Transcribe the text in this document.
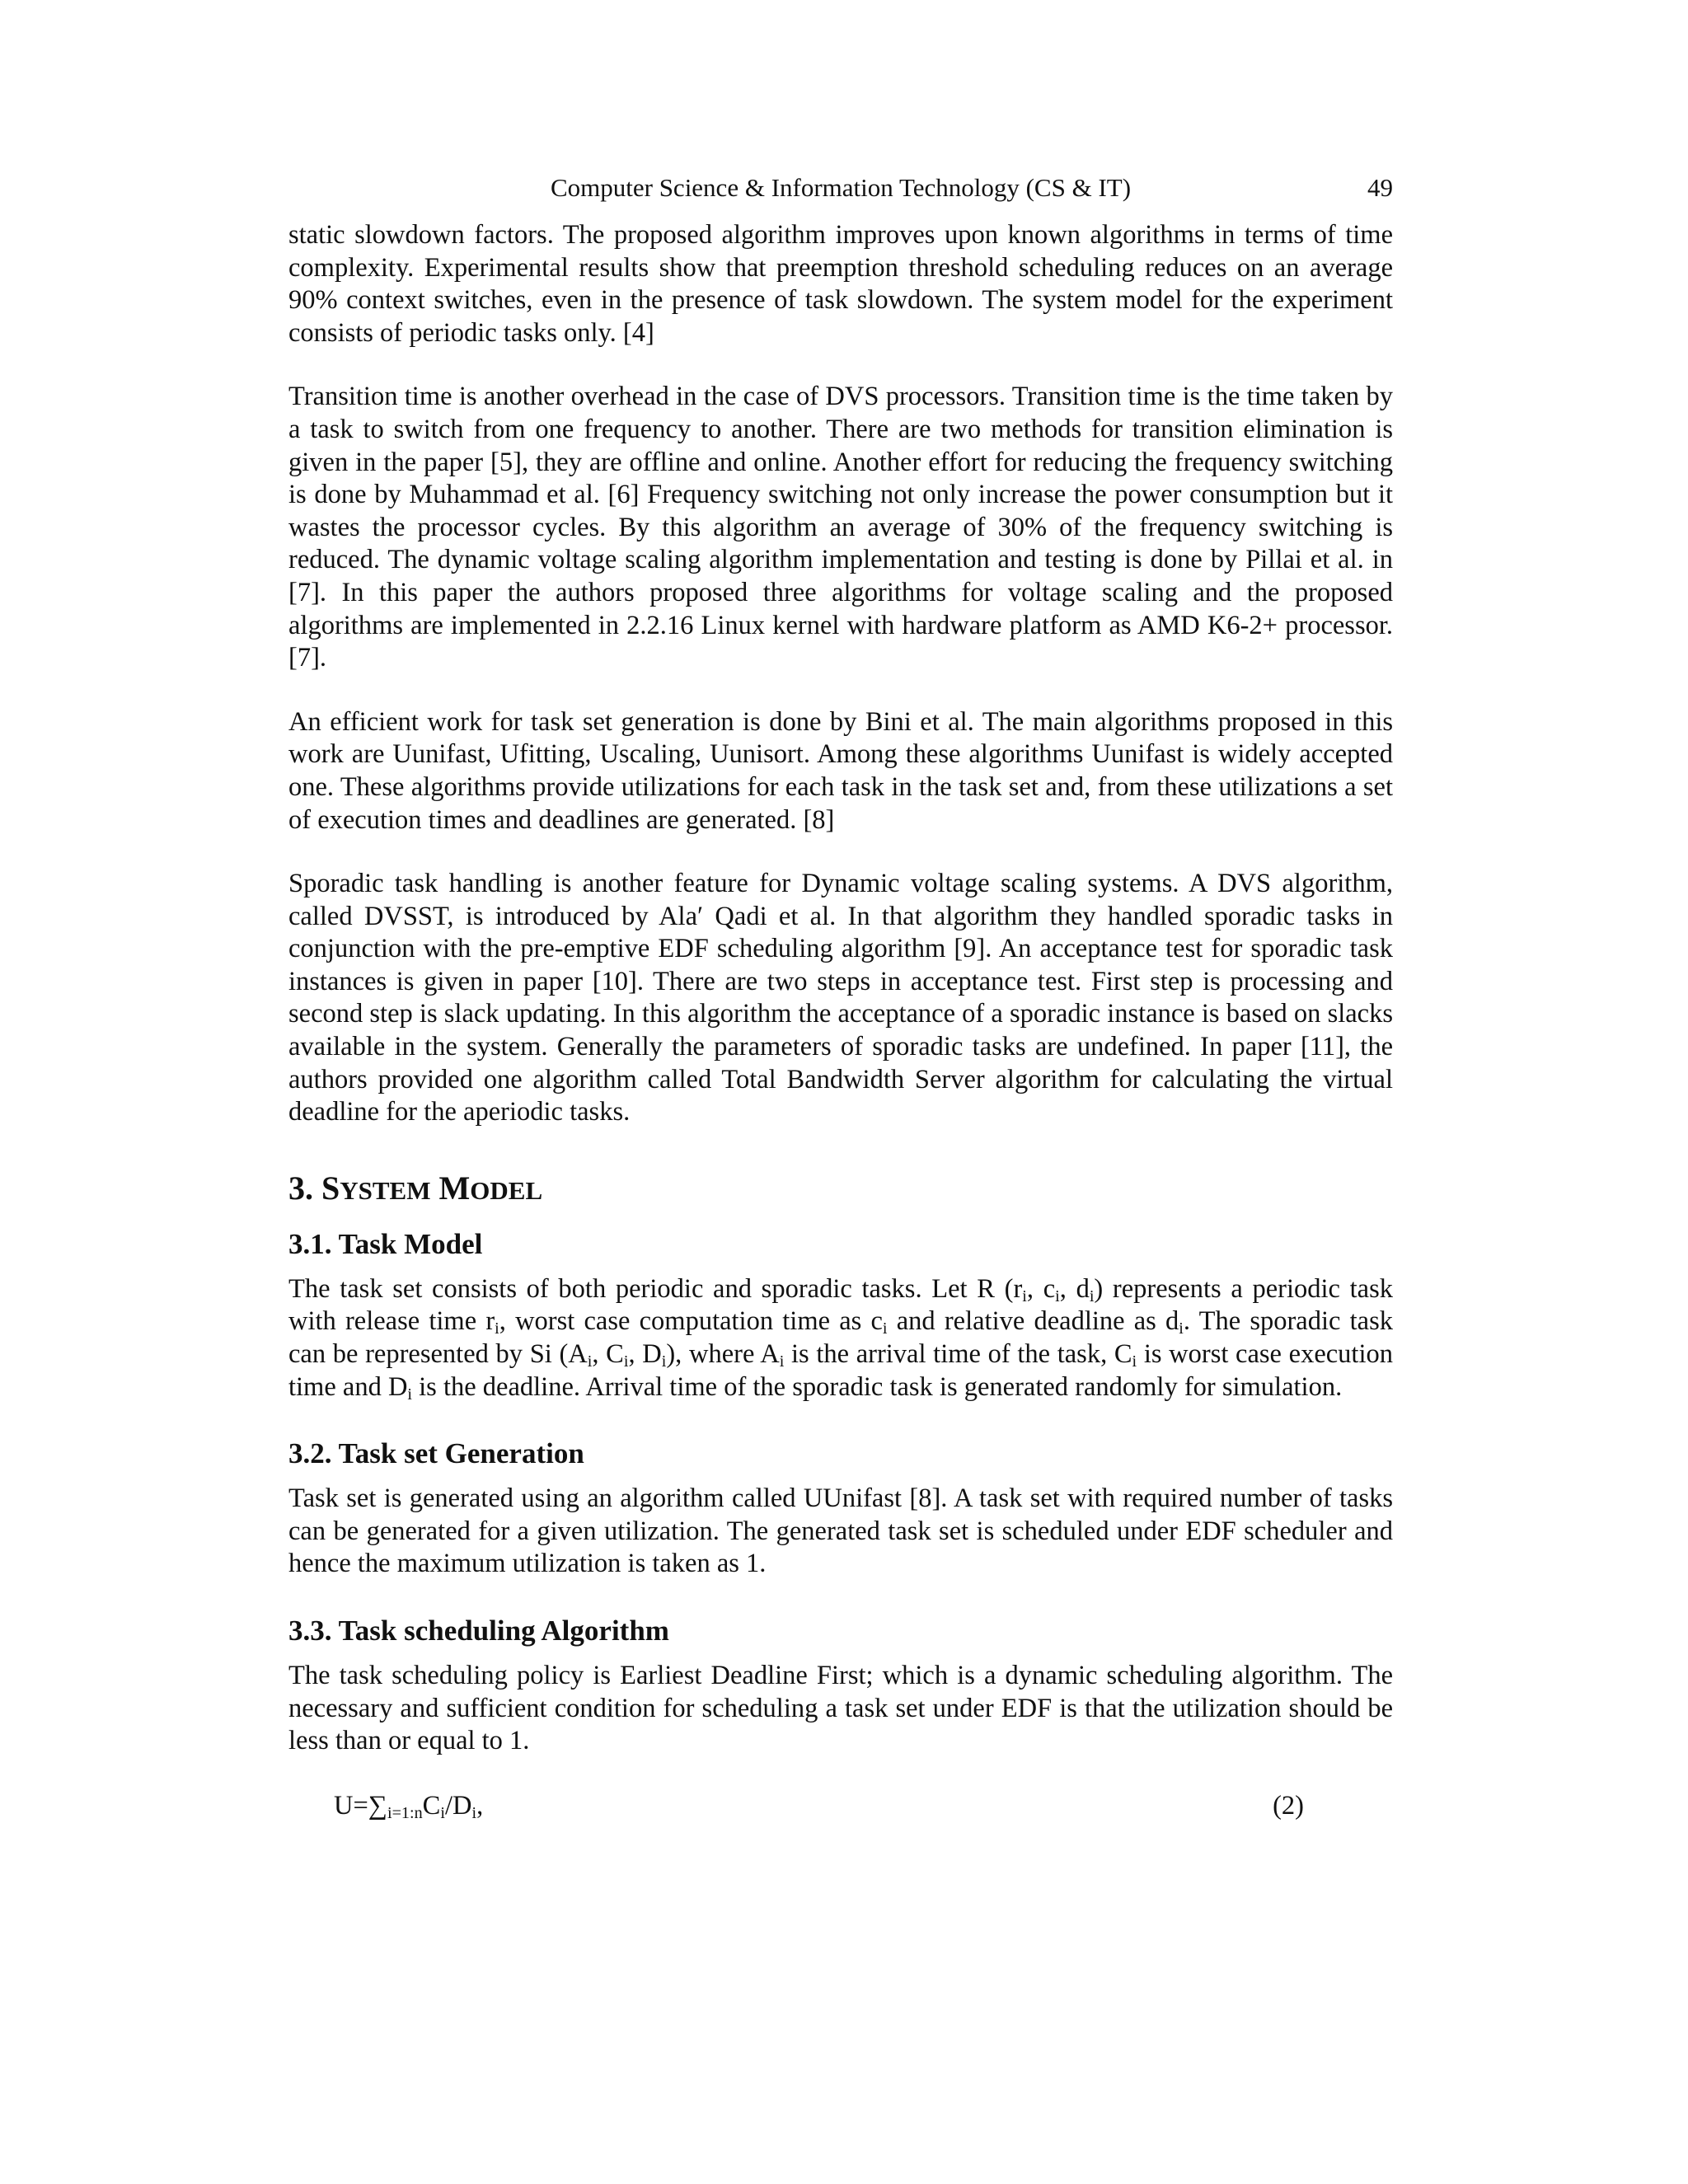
Computer Science & Information Technology (CS & IT)	49

static slowdown factors. The proposed algorithm improves upon known algorithms in terms of time complexity. Experimental results show that preemption threshold scheduling reduces on an average 90% context switches, even in the presence of task slowdown. The system model for the experiment consists of periodic tasks only. [4]

Transition time is another overhead in the case of DVS processors. Transition time is the time taken by a task to switch from one frequency to another. There are two methods for transition elimination is given in the paper [5], they are offline and online. Another effort for reducing the frequency switching is done by Muhammad et al. [6] Frequency switching not only increase the power consumption but it wastes the processor cycles. By this algorithm an average of 30% of the frequency switching is reduced. The dynamic voltage scaling algorithm implementation and testing is done by Pillai et al. in [7]. In this paper the authors proposed three algorithms for voltage scaling and the proposed algorithms are implemented in 2.2.16 Linux kernel with hardware platform as AMD K6-2+ processor. [7].

An efficient work for task set generation is done by Bini et al. The main algorithms proposed in this work are Uunifast, Ufitting, Uscaling, Uunisort. Among these algorithms Uunifast is widely accepted one. These algorithms provide utilizations for each task in the task set and, from these utilizations a set of execution times and deadlines are generated. [8]

Sporadic task handling is another feature for Dynamic voltage scaling systems. A DVS algorithm, called DVSST, is introduced by Ala′ Qadi et al. In that algorithm they handled sporadic tasks in conjunction with the pre-emptive EDF scheduling algorithm [9]. An acceptance test for sporadic task instances is given in paper [10]. There are two steps in acceptance test. First step is processing and second step is slack updating. In this algorithm the acceptance of a sporadic instance is based on slacks available in the system. Generally the parameters of sporadic tasks are undefined. In paper [11], the authors provided one algorithm called Total Bandwidth Server algorithm for calculating the virtual deadline for the aperiodic tasks.

3. SYSTEM MODEL
3.1. Task Model

The task set consists of both periodic and sporadic tasks. Let R ($r_i$, $c_i$, $d_i$) represents a periodic task with release time $r_i$, worst case computation time as $c_i$ and relative deadline as $d_i$. The sporadic task can be represented by Si ($A_i$, $C_i$, $D_i$), where $A_i$ is the arrival time of the task, $C_i$ is worst case execution time and $D_i$ is the deadline. Arrival time of the sporadic task is generated randomly for simulation.

3.2. Task set Generation

Task set is generated using an algorithm called UUnifast [8]. A task set with required number of tasks can be generated for a given utilization. The generated task set is scheduled under EDF scheduler and hence the maximum utilization is taken as 1.

3.3. Task scheduling Algorithm

The task scheduling policy is Earliest Deadline First; which is a dynamic scheduling algorithm. The necessary and sufficient condition for scheduling a task set under EDF is that the utilization should be less than or equal to 1.

$U=\sum_{i=1:n}C_i/D_i$,	(2)
